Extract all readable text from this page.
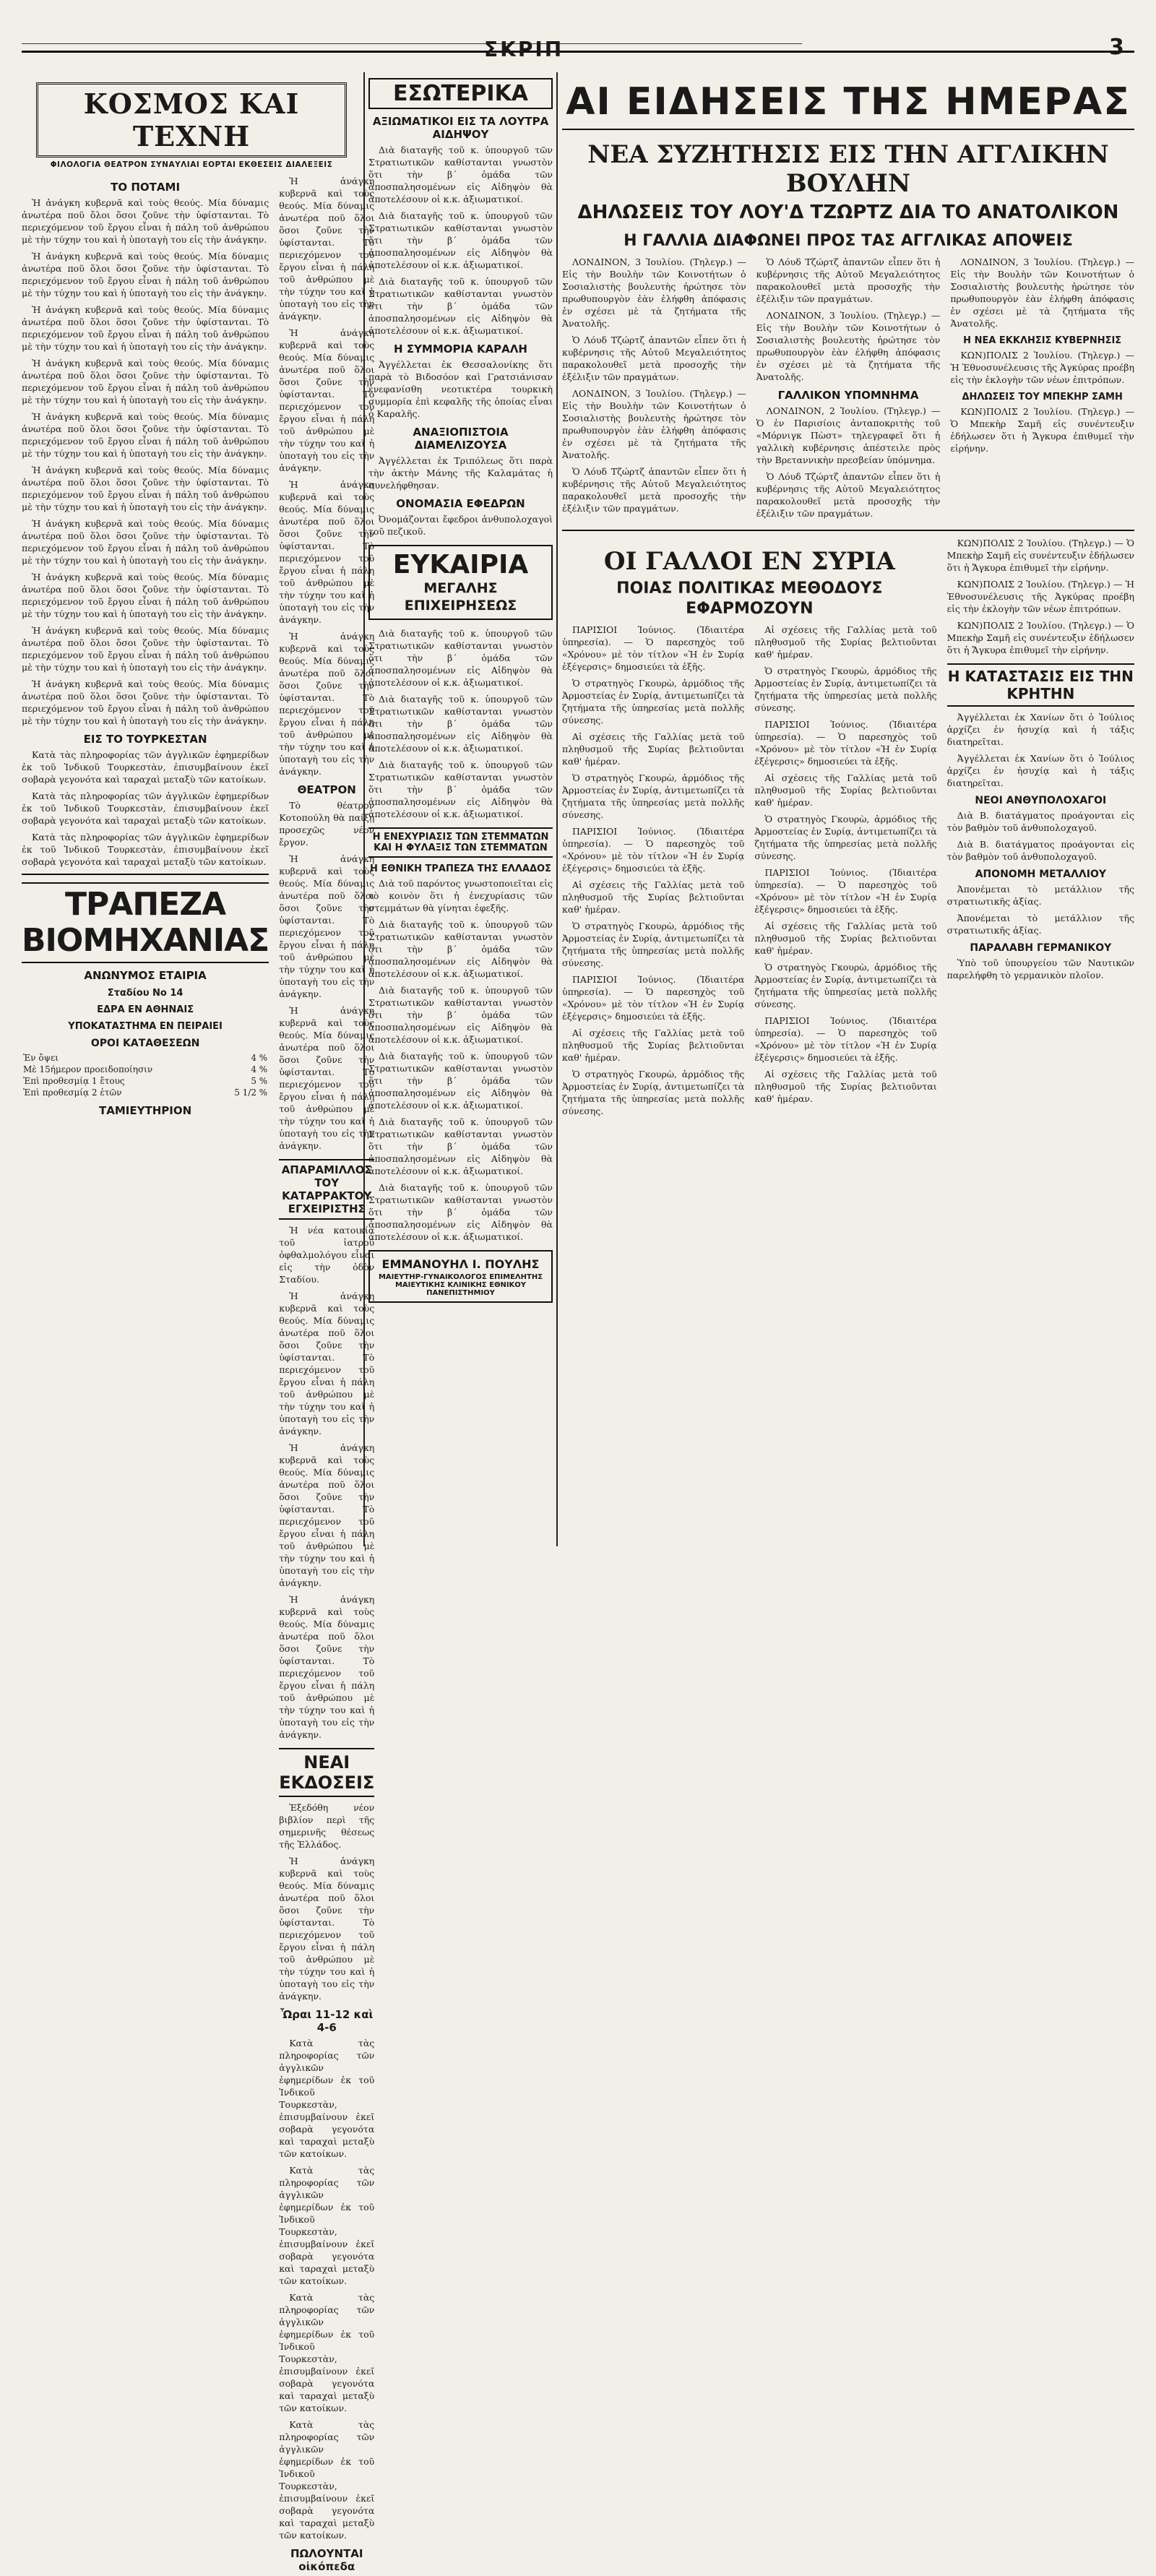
ΣΚΡΙΠ	3
ΚΟΣΜΟΣ ΚΑΙ ΤΕΧΝΗ
ΦΙΛΟΛΟΓΙΑ ΘΕΑΤΡΟΝ ΣΥΝΑΥΛΙΑΙ ΕΟΡΤΑΙ ΕΚΘΕΣΕΙΣ ΔΙΑΛΕΞΕΙΣ
ΤΟ ΠΟΤΑΜΙ

Ἡ ἀνάγκη κυβερνᾶ καὶ τοὺς θεούς. Μία δύναμις ἀνωτέρα ποῦ ὅλοι ὅσοι ζοῦνε τὴν ὑφίστανται. Τὸ περιεχόμενον τοῦ ἔργου εἶναι ἡ πάλη τοῦ ἀνθρώπου μὲ τὴν τύχην του καὶ ἡ ὑποταγὴ του εἰς τὴν ἀνάγκην.

Ἡ ἀνάγκη κυβερνᾶ καὶ τοὺς θεούς. Μία δύναμις ἀνωτέρα ποῦ ὅλοι ὅσοι ζοῦνε τὴν ὑφίστανται. Τὸ περιεχόμενον τοῦ ἔργου εἶναι ἡ πάλη τοῦ ἀνθρώπου μὲ τὴν τύχην του καὶ ἡ ὑποταγὴ του εἰς τὴν ἀνάγκην.

Ἡ ἀνάγκη κυβερνᾶ καὶ τοὺς θεούς. Μία δύναμις ἀνωτέρα ποῦ ὅλοι ὅσοι ζοῦνε τὴν ὑφίστανται. Τὸ περιεχόμενον τοῦ ἔργου εἶναι ἡ πάλη τοῦ ἀνθρώπου μὲ τὴν τύχην του καὶ ἡ ὑποταγὴ του εἰς τὴν ἀνάγκην.

Ἡ ἀνάγκη κυβερνᾶ καὶ τοὺς θεούς. Μία δύναμις ἀνωτέρα ποῦ ὅλοι ὅσοι ζοῦνε τὴν ὑφίστανται. Τὸ περιεχόμενον τοῦ ἔργου εἶναι ἡ πάλη τοῦ ἀνθρώπου μὲ τὴν τύχην του καὶ ἡ ὑποταγὴ του εἰς τὴν ἀνάγκην.

Ἡ ἀνάγκη κυβερνᾶ καὶ τοὺς θεούς. Μία δύναμις ἀνωτέρα ποῦ ὅλοι ὅσοι ζοῦνε τὴν ὑφίστανται. Τὸ περιεχόμενον τοῦ ἔργου εἶναι ἡ πάλη τοῦ ἀνθρώπου μὲ τὴν τύχην του καὶ ἡ ὑποταγὴ του εἰς τὴν ἀνάγκην.

Ἡ ἀνάγκη κυβερνᾶ καὶ τοὺς θεούς. Μία δύναμις ἀνωτέρα ποῦ ὅλοι ὅσοι ζοῦνε τὴν ὑφίστανται. Τὸ περιεχόμενον τοῦ ἔργου εἶναι ἡ πάλη τοῦ ἀνθρώπου μὲ τὴν τύχην του καὶ ἡ ὑποταγὴ του εἰς τὴν ἀνάγκην.

Ἡ ἀνάγκη κυβερνᾶ καὶ τοὺς θεούς. Μία δύναμις ἀνωτέρα ποῦ ὅλοι ὅσοι ζοῦνε τὴν ὑφίστανται. Τὸ περιεχόμενον τοῦ ἔργου εἶναι ἡ πάλη τοῦ ἀνθρώπου μὲ τὴν τύχην του καὶ ἡ ὑποταγὴ του εἰς τὴν ἀνάγκην.

Ἡ ἀνάγκη κυβερνᾶ καὶ τοὺς θεούς. Μία δύναμις ἀνωτέρα ποῦ ὅλοι ὅσοι ζοῦνε τὴν ὑφίστανται. Τὸ περιεχόμενον τοῦ ἔργου εἶναι ἡ πάλη τοῦ ἀνθρώπου μὲ τὴν τύχην του καὶ ἡ ὑποταγὴ του εἰς τὴν ἀνάγκην.

Ἡ ἀνάγκη κυβερνᾶ καὶ τοὺς θεούς. Μία δύναμις ἀνωτέρα ποῦ ὅλοι ὅσοι ζοῦνε τὴν ὑφίστανται. Τὸ περιεχόμενον τοῦ ἔργου εἶναι ἡ πάλη τοῦ ἀνθρώπου μὲ τὴν τύχην του καὶ ἡ ὑποταγὴ του εἰς τὴν ἀνάγκην.

Ἡ ἀνάγκη κυβερνᾶ καὶ τοὺς θεούς. Μία δύναμις ἀνωτέρα ποῦ ὅλοι ὅσοι ζοῦνε τὴν ὑφίστανται. Τὸ περιεχόμενον τοῦ ἔργου εἶναι ἡ πάλη τοῦ ἀνθρώπου μὲ τὴν τύχην του καὶ ἡ ὑποταγὴ του εἰς τὴν ἀνάγκην.

ΕΙΣ ΤΟ ΤΟΥΡΚΕΣΤΑΝ

Κατὰ τὰς πληροφορίας τῶν ἀγγλικῶν ἐφημερίδων ἐκ τοῦ Ἰνδικοῦ Τουρκεστὰν, ἐπισυμβαίνουν ἐκεῖ σοβαρὰ γεγονότα καὶ ταραχαὶ μεταξὺ τῶν κατοίκων.

Κατὰ τὰς πληροφορίας τῶν ἀγγλικῶν ἐφημερίδων ἐκ τοῦ Ἰνδικοῦ Τουρκεστὰν, ἐπισυμβαίνουν ἐκεῖ σοβαρὰ γεγονότα καὶ ταραχαὶ μεταξὺ τῶν κατοίκων.

Κατὰ τὰς πληροφορίας τῶν ἀγγλικῶν ἐφημερίδων ἐκ τοῦ Ἰνδικοῦ Τουρκεστὰν, ἐπισυμβαίνουν ἐκεῖ σοβαρὰ γεγονότα καὶ ταραχαὶ μεταξὺ τῶν κατοίκων.

ΤΡΑΠΕΖΑ ΒΙΟΜΗΧΑΝΙΑΣ
ΑΝΩΝΥΜΟΣ ΕΤΑΙΡΙΑ
Σταδίου Νο 14
ΕΔΡΑ ΕΝ ΑΘΗΝΑΙΣ
ΥΠΟΚΑΤΑΣΤΗΜΑ ΕΝ ΠΕΙΡΑΙΕΙ
ΟΡΟΙ ΚΑΤΑΘΕΣΕΩΝ
Ἐν ὄψει	4 %
Μὲ 15ήμερον προειδοποίησιν	4 %
Ἐπὶ προθεσμίᾳ 1 ἔτους	5 %
Ἐπὶ προθεσμίᾳ 2 ἐτῶν	5 1/2 %
ΤΑΜΙΕΥΤΗΡΙΟΝ

Ἡ ἀνάγκη κυβερνᾶ καὶ τοὺς θεούς. Μία δύναμις ἀνωτέρα ποῦ ὅλοι ὅσοι ζοῦνε τὴν ὑφίστανται. Τὸ περιεχόμενον τοῦ ἔργου εἶναι ἡ πάλη τοῦ ἀνθρώπου μὲ τὴν τύχην του καὶ ἡ ὑποταγὴ του εἰς τὴν ἀνάγκην.

Ἡ ἀνάγκη κυβερνᾶ καὶ τοὺς θεούς. Μία δύναμις ἀνωτέρα ποῦ ὅλοι ὅσοι ζοῦνε τὴν ὑφίστανται. Τὸ περιεχόμενον τοῦ ἔργου εἶναι ἡ πάλη τοῦ ἀνθρώπου μὲ τὴν τύχην του καὶ ἡ ὑποταγὴ του εἰς τὴν ἀνάγκην.

Ἡ ἀνάγκη κυβερνᾶ καὶ τοὺς θεούς. Μία δύναμις ἀνωτέρα ποῦ ὅλοι ὅσοι ζοῦνε τὴν ὑφίστανται. Τὸ περιεχόμενον τοῦ ἔργου εἶναι ἡ πάλη τοῦ ἀνθρώπου μὲ τὴν τύχην του καὶ ἡ ὑποταγὴ του εἰς τὴν ἀνάγκην.

Ἡ ἀνάγκη κυβερνᾶ καὶ τοὺς θεούς. Μία δύναμις ἀνωτέρα ποῦ ὅλοι ὅσοι ζοῦνε τὴν ὑφίστανται. Τὸ περιεχόμενον τοῦ ἔργου εἶναι ἡ πάλη τοῦ ἀνθρώπου μὲ τὴν τύχην του καὶ ἡ ὑποταγὴ του εἰς τὴν ἀνάγκην.

ΘΕΑΤΡΟΝ

Τὸ θέατρον Κοτοπούλη θὰ παίξῃ προσεχῶς νέον ἔργον.

Ἡ ἀνάγκη κυβερνᾶ καὶ τοὺς θεούς. Μία δύναμις ἀνωτέρα ποῦ ὅλοι ὅσοι ζοῦνε τὴν ὑφίστανται. Τὸ περιεχόμενον τοῦ ἔργου εἶναι ἡ πάλη τοῦ ἀνθρώπου μὲ τὴν τύχην του καὶ ἡ ὑποταγὴ του εἰς τὴν ἀνάγκην.

Ἡ ἀνάγκη κυβερνᾶ καὶ τοὺς θεούς. Μία δύναμις ἀνωτέρα ποῦ ὅλοι ὅσοι ζοῦνε τὴν ὑφίστανται. Τὸ περιεχόμενον τοῦ ἔργου εἶναι ἡ πάλη τοῦ ἀνθρώπου μὲ τὴν τύχην του καὶ ἡ ὑποταγὴ του εἰς τὴν ἀνάγκην.

ΑΠΑΡΑΜΙΛΛΟΣ ΤΟΥ ΚΑΤΑΡΡΑΚΤΟΥ ΕΓΧΕΙΡΙΣΤΗΣ

Ἡ νέα κατοικία τοῦ ἰατροῦ ὀφθαλμολόγου εἶναι εἰς τὴν ὁδὸν Σταδίου.

Ἡ ἀνάγκη κυβερνᾶ καὶ τοὺς θεούς. Μία δύναμις ἀνωτέρα ποῦ ὅλοι ὅσοι ζοῦνε τὴν ὑφίστανται. Τὸ περιεχόμενον τοῦ ἔργου εἶναι ἡ πάλη τοῦ ἀνθρώπου μὲ τὴν τύχην του καὶ ἡ ὑποταγὴ του εἰς τὴν ἀνάγκην.

Ἡ ἀνάγκη κυβερνᾶ καὶ τοὺς θεούς. Μία δύναμις ἀνωτέρα ποῦ ὅλοι ὅσοι ζοῦνε τὴν ὑφίστανται. Τὸ περιεχόμενον τοῦ ἔργου εἶναι ἡ πάλη τοῦ ἀνθρώπου μὲ τὴν τύχην του καὶ ἡ ὑποταγὴ του εἰς τὴν ἀνάγκην.

Ἡ ἀνάγκη κυβερνᾶ καὶ τοὺς θεούς. Μία δύναμις ἀνωτέρα ποῦ ὅλοι ὅσοι ζοῦνε τὴν ὑφίστανται. Τὸ περιεχόμενον τοῦ ἔργου εἶναι ἡ πάλη τοῦ ἀνθρώπου μὲ τὴν τύχην του καὶ ἡ ὑποταγὴ του εἰς τὴν ἀνάγκην.

ΝΕΑΙ ΕΚΔΟΣΕΙΣ

Ἐξεδόθη νέον βιβλίον περὶ τῆς σημερινῆς θέσεως τῆς Ἑλλάδος.

Ἡ ἀνάγκη κυβερνᾶ καὶ τοὺς θεούς. Μία δύναμις ἀνωτέρα ποῦ ὅλοι ὅσοι ζοῦνε τὴν ὑφίστανται. Τὸ περιεχόμενον τοῦ ἔργου εἶναι ἡ πάλη τοῦ ἀνθρώπου μὲ τὴν τύχην του καὶ ἡ ὑποταγὴ του εἰς τὴν ἀνάγκην.

Ὧραι 11-12 καὶ 4-6

Κατὰ τὰς πληροφορίας τῶν ἀγγλικῶν ἐφημερίδων ἐκ τοῦ Ἰνδικοῦ Τουρκεστὰν, ἐπισυμβαίνουν ἐκεῖ σοβαρὰ γεγονότα καὶ ταραχαὶ μεταξὺ τῶν κατοίκων.

Κατὰ τὰς πληροφορίας τῶν ἀγγλικῶν ἐφημερίδων ἐκ τοῦ Ἰνδικοῦ Τουρκεστὰν, ἐπισυμβαίνουν ἐκεῖ σοβαρὰ γεγονότα καὶ ταραχαὶ μεταξὺ τῶν κατοίκων.

Κατὰ τὰς πληροφορίας τῶν ἀγγλικῶν ἐφημερίδων ἐκ τοῦ Ἰνδικοῦ Τουρκεστὰν, ἐπισυμβαίνουν ἐκεῖ σοβαρὰ γεγονότα καὶ ταραχαὶ μεταξὺ τῶν κατοίκων.

Κατὰ τὰς πληροφορίας τῶν ἀγγλικῶν ἐφημερίδων ἐκ τοῦ Ἰνδικοῦ Τουρκεστὰν, ἐπισυμβαίνουν ἐκεῖ σοβαρὰ γεγονότα καὶ ταραχαὶ μεταξὺ τῶν κατοίκων.

ΠΩΛΟΥΝΤΑΙ οἰκόπεδα
ΕΣΩΤΕΡΙΚΑ
ΑΞΙΩΜΑΤΙΚΟΙ ΕΙΣ ΤΑ ΛΟΥΤΡΑ ΑΙΔΗΨΟΥ

Διὰ διαταγῆς τοῦ κ. ὑπουργοῦ τῶν Στρατιωτικῶν καθίστανται γνωστὸν ὅτι τὴν β΄ ὁμάδα τῶν ἀποσπαλησομένων εἰς Αἰδηψὸν θὰ ἀποτελέσουν οἱ κ.κ. ἀξιωματικοί.

Διὰ διαταγῆς τοῦ κ. ὑπουργοῦ τῶν Στρατιωτικῶν καθίστανται γνωστὸν ὅτι τὴν β΄ ὁμάδα τῶν ἀποσπαλησομένων εἰς Αἰδηψὸν θὰ ἀποτελέσουν οἱ κ.κ. ἀξιωματικοί.

Διὰ διαταγῆς τοῦ κ. ὑπουργοῦ τῶν Στρατιωτικῶν καθίστανται γνωστὸν ὅτι τὴν β΄ ὁμάδα τῶν ἀποσπαλησομένων εἰς Αἰδηψὸν θὰ ἀποτελέσουν οἱ κ.κ. ἀξιωματικοί.

Η ΣΥΜΜΟΡΙΑ ΚΑΡΑΛΗ

Ἀγγέλλεται ἐκ Θεσσαλονίκης ὅτι παρὰ τὸ Βιδοσόον καὶ Γρατσιάνισαν ἐνεφανίσθη νεοτικτέρα τουρκικὴ συμμορία ἐπὶ κεφαλῆς τῆς ὁποίας εἶναι ὁ Καραλῆς.

ΑΝΑΞΙΟΠΙΣΤΟΙΑ ΔΙΑΜΕΛΙΖΟΥΣΑ

Ἀγγέλλεται ἐκ Τριπόλεως ὅτι παρὰ τὴν ἀκτὴν Μάνης τῆς Καλαμάτας ἡ συνελήφθησαν.

ΟΝΟΜΑΣΙΑ ΕΦΕΔΡΩΝ

Ὀνομάζονται ἔφεδροι ἀνθυπολοχαγοὶ τοῦ πεζικοῦ.

ΕΥΚΑΙΡΙΑ
ΜΕΓΑΛΗΣ ΕΠΙΧΕΙΡΗΣΕΩΣ

Διὰ διαταγῆς τοῦ κ. ὑπουργοῦ τῶν Στρατιωτικῶν καθίστανται γνωστὸν ὅτι τὴν β΄ ὁμάδα τῶν ἀποσπαλησομένων εἰς Αἰδηψὸν θὰ ἀποτελέσουν οἱ κ.κ. ἀξιωματικοί.

Διὰ διαταγῆς τοῦ κ. ὑπουργοῦ τῶν Στρατιωτικῶν καθίστανται γνωστὸν ὅτι τὴν β΄ ὁμάδα τῶν ἀποσπαλησομένων εἰς Αἰδηψὸν θὰ ἀποτελέσουν οἱ κ.κ. ἀξιωματικοί.

Διὰ διαταγῆς τοῦ κ. ὑπουργοῦ τῶν Στρατιωτικῶν καθίστανται γνωστὸν ὅτι τὴν β΄ ὁμάδα τῶν ἀποσπαλησομένων εἰς Αἰδηψὸν θὰ ἀποτελέσουν οἱ κ.κ. ἀξιωματικοί.

Η ΕΝΕΧΥΡΙΑΣΙΣ ΤΩΝ ΣΤΕΜΜΑΤΩΝ ΚΑΙ Η ΦΥΛΑΞΙΣ ΤΩΝ ΣΤΕΜΜΑΤΩΝ
Η ΕΘΝΙΚΗ ΤΡΑΠΕΖΑ ΤΗΣ ΕΛΛΑΔΟΣ

Διὰ τοῦ παρόντος γνωστοποιεῖται εἰς τὸ κοινὸν ὅτι ἡ ἐνεχυρίασις τῶν στεμμάτων θὰ γίνηται ἐφεξῆς.

Διὰ διαταγῆς τοῦ κ. ὑπουργοῦ τῶν Στρατιωτικῶν καθίστανται γνωστὸν ὅτι τὴν β΄ ὁμάδα τῶν ἀποσπαλησομένων εἰς Αἰδηψὸν θὰ ἀποτελέσουν οἱ κ.κ. ἀξιωματικοί.

Διὰ διαταγῆς τοῦ κ. ὑπουργοῦ τῶν Στρατιωτικῶν καθίστανται γνωστὸν ὅτι τὴν β΄ ὁμάδα τῶν ἀποσπαλησομένων εἰς Αἰδηψὸν θὰ ἀποτελέσουν οἱ κ.κ. ἀξιωματικοί.

Διὰ διαταγῆς τοῦ κ. ὑπουργοῦ τῶν Στρατιωτικῶν καθίστανται γνωστὸν ὅτι τὴν β΄ ὁμάδα τῶν ἀποσπαλησομένων εἰς Αἰδηψὸν θὰ ἀποτελέσουν οἱ κ.κ. ἀξιωματικοί.

Διὰ διαταγῆς τοῦ κ. ὑπουργοῦ τῶν Στρατιωτικῶν καθίστανται γνωστὸν ὅτι τὴν β΄ ὁμάδα τῶν ἀποσπαλησομένων εἰς Αἰδηψὸν θὰ ἀποτελέσουν οἱ κ.κ. ἀξιωματικοί.

Διὰ διαταγῆς τοῦ κ. ὑπουργοῦ τῶν Στρατιωτικῶν καθίστανται γνωστὸν ὅτι τὴν β΄ ὁμάδα τῶν ἀποσπαλησομένων εἰς Αἰδηψὸν θὰ ἀποτελέσουν οἱ κ.κ. ἀξιωματικοί.

ΕΜΜΑΝΟΥΗΛ Ι. ΠΟΥΛΗΣ
ΜΑΙΕΥΤΗΡ-ΓΥΝΑΙΚΟΛΟΓΟΣ ΕΠΙΜΕΛΗΤΗΣ ΜΑΙΕΥΤΙΚΗΣ ΚΛΙΝΙΚΗΣ ΕΘΝΙΚΟΥ ΠΑΝΕΠΙΣΤΗΜΙΟΥ
ΑΙ ΕΙΔΗΣΕΙΣ ΤΗΣ ΗΜΕΡΑΣ
ΝΕΑ ΣΥΖΗΤΗΣΙΣ ΕΙΣ ΤΗΝ ΑΓΓΛΙΚΗΝ ΒΟΥΛΗΝ
ΔΗΛΩΣΕΙΣ ΤΟΥ ΛΟΥ'Δ ΤΖΩΡΤΖ ΔΙΑ ΤΟ ΑΝΑΤΟΛΙΚΟΝ
Η ΓΑΛΛΙΑ ΔΙΑΦΩΝΕΙ ΠΡΟΣ ΤΑΣ ΑΓΓΛΙΚΑΣ ΑΠΟΨΕΙΣ

ΛΟΝΔΙΝΟΝ, 3 Ἰουλίου. (Τηλεγρ.) — Εἰς τὴν Βουλὴν τῶν Κοινοτήτων ὁ Σοσιαλιστὴς βουλευτὴς ἠρώτησε τὸν πρωθυπουργὸν ἐὰν ἐλήφθη ἀπόφασις ἐν σχέσει μὲ τὰ ζητήματα τῆς Ἀνατολῆς.

Ὁ Λόυδ Τζώρτζ ἀπαντῶν εἶπεν ὅτι ἡ κυβέρνησις τῆς Αὐτοῦ Μεγαλειότητος παρακολουθεῖ μετὰ προσοχῆς τὴν ἐξέλιξιν τῶν πραγμάτων.

ΛΟΝΔΙΝΟΝ, 3 Ἰουλίου. (Τηλεγρ.) — Εἰς τὴν Βουλὴν τῶν Κοινοτήτων ὁ Σοσιαλιστὴς βουλευτὴς ἠρώτησε τὸν πρωθυπουργὸν ἐὰν ἐλήφθη ἀπόφασις ἐν σχέσει μὲ τὰ ζητήματα τῆς Ἀνατολῆς.

Ὁ Λόυδ Τζώρτζ ἀπαντῶν εἶπεν ὅτι ἡ κυβέρνησις τῆς Αὐτοῦ Μεγαλειότητος παρακολουθεῖ μετὰ προσοχῆς τὴν ἐξέλιξιν τῶν πραγμάτων.

Ὁ Λόυδ Τζώρτζ ἀπαντῶν εἶπεν ὅτι ἡ κυβέρνησις τῆς Αὐτοῦ Μεγαλειότητος παρακολουθεῖ μετὰ προσοχῆς τὴν ἐξέλιξιν τῶν πραγμάτων.

ΛΟΝΔΙΝΟΝ, 3 Ἰουλίου. (Τηλεγρ.) — Εἰς τὴν Βουλὴν τῶν Κοινοτήτων ὁ Σοσιαλιστὴς βουλευτὴς ἠρώτησε τὸν πρωθυπουργὸν ἐὰν ἐλήφθη ἀπόφασις ἐν σχέσει μὲ τὰ ζητήματα τῆς Ἀνατολῆς.

ΓΑΛΛΙΚΟΝ ΥΠΟΜΝΗΜΑ

ΛΟΝΔΙΝΟΝ, 2 Ἰουλίου. (Τηλεγρ.) — Ὁ ἐν Παρισίοις ἀνταποκριτὴς τοῦ «Μόρνιγκ Πὼστ» τηλεγραφεῖ ὅτι ἡ γαλλικὴ κυβέρνησις ἀπέστειλε πρὸς τὴν Βρεταννικὴν πρεσβείαν ὑπόμνημα.

Ὁ Λόυδ Τζώρτζ ἀπαντῶν εἶπεν ὅτι ἡ κυβέρνησις τῆς Αὐτοῦ Μεγαλειότητος παρακολουθεῖ μετὰ προσοχῆς τὴν ἐξέλιξιν τῶν πραγμάτων.

ΛΟΝΔΙΝΟΝ, 3 Ἰουλίου. (Τηλεγρ.) — Εἰς τὴν Βουλὴν τῶν Κοινοτήτων ὁ Σοσιαλιστὴς βουλευτὴς ἠρώτησε τὸν πρωθυπουργὸν ἐὰν ἐλήφθη ἀπόφασις ἐν σχέσει μὲ τὰ ζητήματα τῆς Ἀνατολῆς.

Η ΝΕΑ ΕΚΚΛΗΣΙΣ ΚΥΒΕΡΝΗΣΙΣ

ΚΩΝ)ΠΟΛΙΣ 2 Ἰουλίου. (Τηλεγρ.) — Ἡ Ἐθνοσυνέλευσις τῆς Ἀγκύρας προέβη εἰς τὴν ἐκλογὴν τῶν νέων ἐπιτρόπων.

ΔΗΛΩΣΕΙΣ ΤΟΥ ΜΠΕΚΗΡ ΣΑΜΗ

ΚΩΝ)ΠΟΛΙΣ 2 Ἰουλίου. (Τηλεγρ.) — Ὁ Μπεκὴρ Σαμῆ εἰς συνέντευξιν ἐδήλωσεν ὅτι ἡ Ἄγκυρα ἐπιθυμεῖ τὴν εἰρήνην.

ΟΙ ΓΑΛΛΟΙ ΕΝ ΣΥΡΙΑ
ΠΟΙΑΣ ΠΟΛΙΤΙΚΑΣ ΜΕΘΟΔΟΥΣ ΕΦΑΡΜΟΖΟΥΝ

ΠΑΡΙΣΙΟΙ Ἰούνιος. (Ἰδιαιτέρα ὑπηρεσία). — Ὁ παρεσηχὸς τοῦ «Χρόνου» μὲ τὸν τίτλον «Ἡ ἐν Συρίᾳ ἐξέγερσις» δημοσιεύει τὰ ἑξῆς.

Ὁ στρατηγὸς Γκουρὼ, ἀρμόδιος τῆς Ἀρμοστείας ἐν Συρίᾳ, ἀντιμετωπίζει τὰ ζητήματα τῆς ὑπηρεσίας μετὰ πολλῆς σύνεσης.

Αἱ σχέσεις τῆς Γαλλίας μετὰ τοῦ πληθυσμοῦ τῆς Συρίας βελτιοῦνται καθ' ἡμέραν.

Ὁ στρατηγὸς Γκουρὼ, ἀρμόδιος τῆς Ἀρμοστείας ἐν Συρίᾳ, ἀντιμετωπίζει τὰ ζητήματα τῆς ὑπηρεσίας μετὰ πολλῆς σύνεσης.

ΠΑΡΙΣΙΟΙ Ἰούνιος. (Ἰδιαιτέρα ὑπηρεσία). — Ὁ παρεσηχὸς τοῦ «Χρόνου» μὲ τὸν τίτλον «Ἡ ἐν Συρίᾳ ἐξέγερσις» δημοσιεύει τὰ ἑξῆς.

Αἱ σχέσεις τῆς Γαλλίας μετὰ τοῦ πληθυσμοῦ τῆς Συρίας βελτιοῦνται καθ' ἡμέραν.

Ὁ στρατηγὸς Γκουρὼ, ἀρμόδιος τῆς Ἀρμοστείας ἐν Συρίᾳ, ἀντιμετωπίζει τὰ ζητήματα τῆς ὑπηρεσίας μετὰ πολλῆς σύνεσης.

ΠΑΡΙΣΙΟΙ Ἰούνιος. (Ἰδιαιτέρα ὑπηρεσία). — Ὁ παρεσηχὸς τοῦ «Χρόνου» μὲ τὸν τίτλον «Ἡ ἐν Συρίᾳ ἐξέγερσις» δημοσιεύει τὰ ἑξῆς.

Αἱ σχέσεις τῆς Γαλλίας μετὰ τοῦ πληθυσμοῦ τῆς Συρίας βελτιοῦνται καθ' ἡμέραν.

Ὁ στρατηγὸς Γκουρὼ, ἀρμόδιος τῆς Ἀρμοστείας ἐν Συρίᾳ, ἀντιμετωπίζει τὰ ζητήματα τῆς ὑπηρεσίας μετὰ πολλῆς σύνεσης.

Αἱ σχέσεις τῆς Γαλλίας μετὰ τοῦ πληθυσμοῦ τῆς Συρίας βελτιοῦνται καθ' ἡμέραν.

Ὁ στρατηγὸς Γκουρὼ, ἀρμόδιος τῆς Ἀρμοστείας ἐν Συρίᾳ, ἀντιμετωπίζει τὰ ζητήματα τῆς ὑπηρεσίας μετὰ πολλῆς σύνεσης.

ΠΑΡΙΣΙΟΙ Ἰούνιος. (Ἰδιαιτέρα ὑπηρεσία). — Ὁ παρεσηχὸς τοῦ «Χρόνου» μὲ τὸν τίτλον «Ἡ ἐν Συρίᾳ ἐξέγερσις» δημοσιεύει τὰ ἑξῆς.

Αἱ σχέσεις τῆς Γαλλίας μετὰ τοῦ πληθυσμοῦ τῆς Συρίας βελτιοῦνται καθ' ἡμέραν.

Ὁ στρατηγὸς Γκουρὼ, ἀρμόδιος τῆς Ἀρμοστείας ἐν Συρίᾳ, ἀντιμετωπίζει τὰ ζητήματα τῆς ὑπηρεσίας μετὰ πολλῆς σύνεσης.

ΠΑΡΙΣΙΟΙ Ἰούνιος. (Ἰδιαιτέρα ὑπηρεσία). — Ὁ παρεσηχὸς τοῦ «Χρόνου» μὲ τὸν τίτλον «Ἡ ἐν Συρίᾳ ἐξέγερσις» δημοσιεύει τὰ ἑξῆς.

Αἱ σχέσεις τῆς Γαλλίας μετὰ τοῦ πληθυσμοῦ τῆς Συρίας βελτιοῦνται καθ' ἡμέραν.

Ὁ στρατηγὸς Γκουρὼ, ἀρμόδιος τῆς Ἀρμοστείας ἐν Συρίᾳ, ἀντιμετωπίζει τὰ ζητήματα τῆς ὑπηρεσίας μετὰ πολλῆς σύνεσης.

ΠΑΡΙΣΙΟΙ Ἰούνιος. (Ἰδιαιτέρα ὑπηρεσία). — Ὁ παρεσηχὸς τοῦ «Χρόνου» μὲ τὸν τίτλον «Ἡ ἐν Συρίᾳ ἐξέγερσις» δημοσιεύει τὰ ἑξῆς.

Αἱ σχέσεις τῆς Γαλλίας μετὰ τοῦ πληθυσμοῦ τῆς Συρίας βελτιοῦνται καθ' ἡμέραν.

ΚΩΝ)ΠΟΛΙΣ 2 Ἰουλίου. (Τηλεγρ.) — Ὁ Μπεκὴρ Σαμῆ εἰς συνέντευξιν ἐδήλωσεν ὅτι ἡ Ἄγκυρα ἐπιθυμεῖ τὴν εἰρήνην.

ΚΩΝ)ΠΟΛΙΣ 2 Ἰουλίου. (Τηλεγρ.) — Ἡ Ἐθνοσυνέλευσις τῆς Ἀγκύρας προέβη εἰς τὴν ἐκλογὴν τῶν νέων ἐπιτρόπων.

ΚΩΝ)ΠΟΛΙΣ 2 Ἰουλίου. (Τηλεγρ.) — Ὁ Μπεκὴρ Σαμῆ εἰς συνέντευξιν ἐδήλωσεν ὅτι ἡ Ἄγκυρα ἐπιθυμεῖ τὴν εἰρήνην.

Η ΚΑΤΑΣΤΑΣΙΣ ΕΙΣ ΤΗΝ ΚΡΗΤΗΝ

Ἀγγέλλεται ἐκ Χανίων ὅτι ὁ Ἰούλιος ἀρχίζει ἐν ἡσυχίᾳ καὶ ἡ τάξις διατηρεῖται.

Ἀγγέλλεται ἐκ Χανίων ὅτι ὁ Ἰούλιος ἀρχίζει ἐν ἡσυχίᾳ καὶ ἡ τάξις διατηρεῖται.

ΝΕΟΙ ΑΝΘΥΠΟΛΟΧΑΓΟΙ

Διὰ Β. διατάγματος προάγονται εἰς τὸν βαθμὸν τοῦ ἀνθυπολοχαγοῦ.

Διὰ Β. διατάγματος προάγονται εἰς τὸν βαθμὸν τοῦ ἀνθυπολοχαγοῦ.

ΑΠΟΝΟΜΗ ΜΕΤΑΛΛΙΟΥ

Ἀπονέμεται τὸ μετάλλιον τῆς στρατιωτικῆς ἀξίας.

Ἀπονέμεται τὸ μετάλλιον τῆς στρατιωτικῆς ἀξίας.

ΠΑΡΑΛΑΒΗ ΓΕΡΜΑΝΙΚΟΥ

Ὑπὸ τοῦ ὑπουργείου τῶν Ναυτικῶν παρελήφθη τὸ γερμανικὸν πλοῖον.
